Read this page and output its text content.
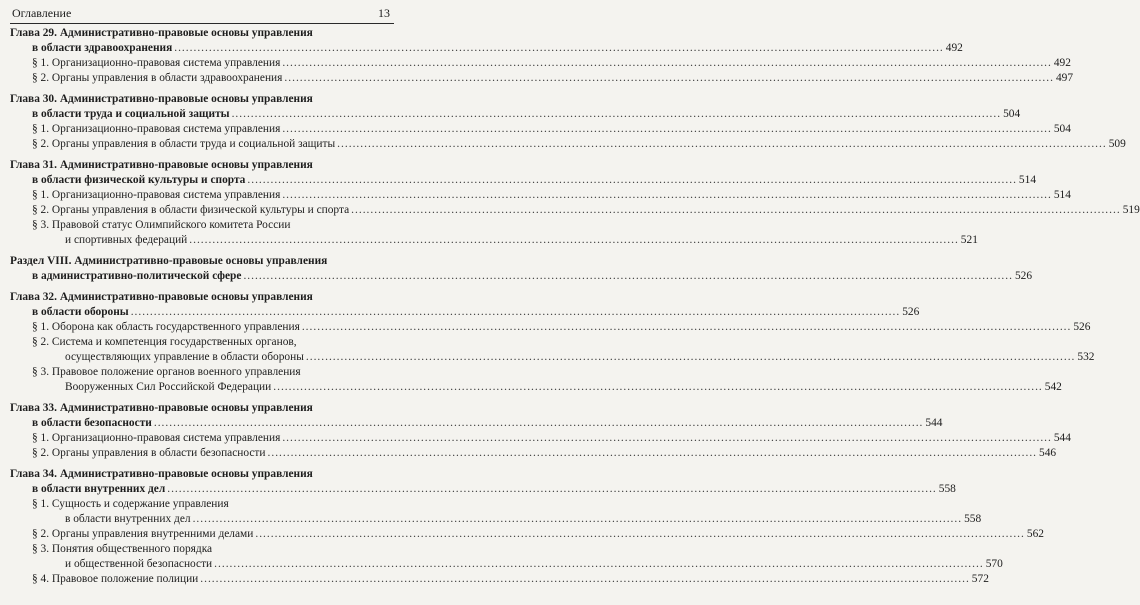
Оглавление	13
Глава 29. Административно-правовые основы управления
в области здравоохранения ........................................................................................................................................................................................................ 492
§ 1. Организационно-правовая система управления ........................................................................................................................................................................................................ 492
§ 2. Органы управления в области здравоохранения ........................................................................................................................................................................................................ 497
Глава 30. Административно-правовые основы управления
в области труда и социальной защиты ........................................................................................................................................................................................................ 504
§ 1. Организационно-правовая система управления ........................................................................................................................................................................................................ 504
§ 2. Органы управления в области труда и социальной защиты ........................................................................................................................................................................................................ 509
Глава 31. Административно-правовые основы управления
в области физической культуры и спорта ........................................................................................................................................................................................................ 514
§ 1. Организационно-правовая система управления ........................................................................................................................................................................................................ 514
§ 2. Органы управления в области физической культуры и спорта ........................................................................................................................................................................................................ 519
§ 3. Правовой статус Олимпийского комитета России
и спортивных федераций ........................................................................................................................................................................................................ 521
Раздел VIII. Административно-правовые основы управления
в административно-политической сфере ........................................................................................................................................................................................................ 526
Глава 32. Административно-правовые основы управления
в области обороны ........................................................................................................................................................................................................ 526
§ 1. Оборона как область государственного управления ........................................................................................................................................................................................................ 526
§ 2. Система и компетенция государственных органов,
осуществляющих управление в области обороны ........................................................................................................................................................................................................ 532
§ 3. Правовое положение органов военного управления
Вооруженных Сил Российской Федерации ........................................................................................................................................................................................................ 542
Глава 33. Административно-правовые основы управления
в области безопасности ........................................................................................................................................................................................................ 544
§ 1. Организационно-правовая система управления ........................................................................................................................................................................................................ 544
§ 2. Органы управления в области безопасности ........................................................................................................................................................................................................ 546
Глава 34. Административно-правовые основы управления
в области внутренних дел ........................................................................................................................................................................................................ 558
§ 1. Сущность и содержание управления
в области внутренних дел ........................................................................................................................................................................................................ 558
§ 2. Органы управления внутренними делами ........................................................................................................................................................................................................ 562
§ 3. Понятия общественного порядка
и общественной безопасности ........................................................................................................................................................................................................ 570
§ 4. Правовое положение полиции ........................................................................................................................................................................................................ 572
